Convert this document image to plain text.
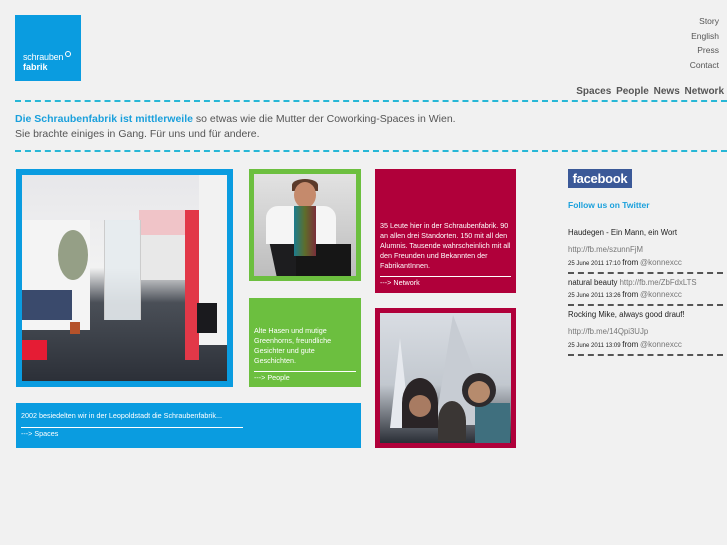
schrauben
fabrik
Story
English
Press
Contact
Spaces People News Network
Die Schraubenfabrik ist mittlerweile so etwas wie die Mutter der Coworking-Spaces in Wien.
Sie brachte einiges in Gang. Für uns und für andere.
35 Leute hier in der Schraubenfabrik. 90 an allen drei Standorten. 150 mit all den Alumnis. Tausende wahrscheinlich mit all den Freunden und Bekannten der FabrikantInnen.
---> Network
Alte Hasen und mutige Greenhorns, freundliche Gesichter und gute Geschichten.
---> People
2002 besiedelten wir in der Leopoldstadt die Schraubenfabrik...
---> Spaces
facebook
Follow us on Twitter
Haudegen - Ein Mann, ein Wort
http://fb.me/szunnFjM
25 June 2011 17:10 from @konnexcc
natural beauty http://fb.me/ZbFdxLTS
25 June 2011 13:26 from @konnexcc
Rocking Mike, always good drauf!
http://fb.me/14Qpi3UJp
25 June 2011 13:09 from @konnexcc
